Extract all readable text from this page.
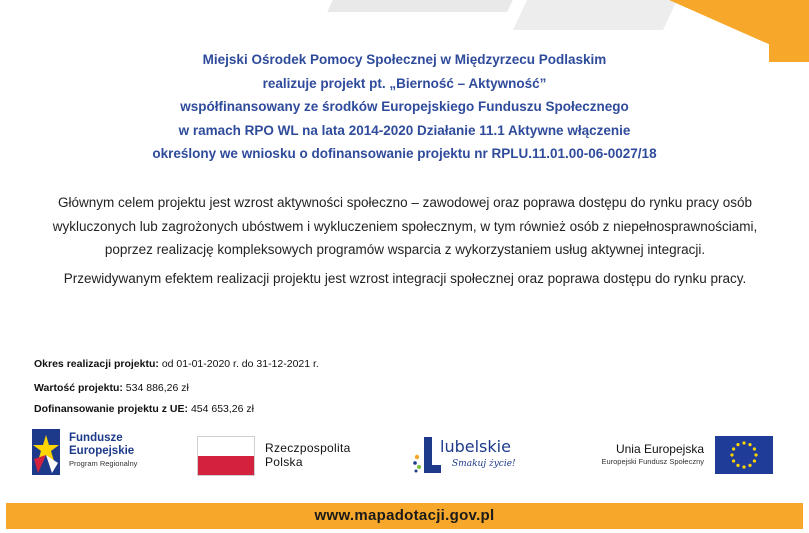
Miejski Ośrodek Pomocy Społecznej w Międzyrzecu Podlaskim
realizuje projekt pt. „Bierność – Aktywność”
współfinansowany ze środków Europejskiego Funduszu Społecznego
w ramach RPO WL na lata 2014-2020 Działanie 11.1 Aktywne włączenie
określony we wniosku o dofinansowanie projektu nr RPLU.11.01.00-06-0027/18

Głównym celem projektu jest wzrost aktywności społeczno – zawodowej oraz poprawa dostępu do rynku pracy osób wykluczonych lub zagrożonych ubóstwem i wykluczeniem społecznym, w tym również osób z niepełnosprawnościami, poprzez realizację kompleksowych programów wsparcia z wykorzystaniem usług aktywnej integracji.

Przewidywanym efektem realizacji projektu jest wzrost integracji społecznej oraz poprawa dostępu do rynku pracy.

Okres realizacji projektu: od 01-01-2020 r. do 31-12-2021 r.
Wartość projektu: 534 886,26 zł
Dofinansowanie projektu z UE: 454 653,26 zł
Fundusze
Europejskie
Program Regionalny
Rzeczpospolita
Polska
lubelskie
Smakuj życie!
Unia Europejska
Europejski Fundusz Społeczny
www.mapadotacji.gov.pl
